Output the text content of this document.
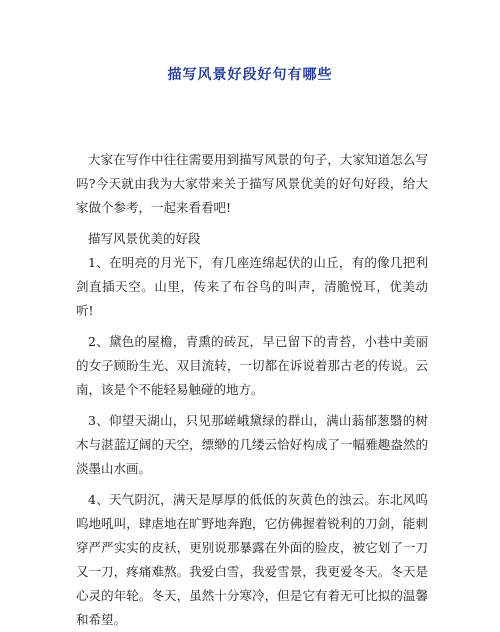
描写风景好段好句有哪些

大家在写作中往往需要用到描写风景的句子，大家知道怎么写吗?今天就由我为大家带来关于描写风景优美的好句好段，给大家做个参考，一起来看看吧!

描写风景优美的好段

1、在明亮的月光下，有几座连绵起伏的山丘，有的像几把利剑直插天空。山里，传来了布谷鸟的叫声，清脆悦耳，优美动听!

2、黛色的屋檐，青熏的砖瓦，早已留下的青苔，小巷中美丽的女子顾盼生光、双目流转，一切都在诉说着那古老的传说。云南，该是个不能轻易触碰的地方。

3、仰望天湖山，只见那嵯峨黛绿的群山，满山蓊郁葱翳的树木与湛蓝辽阔的天空，缥缈的几缕云恰好构成了一幅雅趣盎然的淡墨山水画。

4、天气阴沉，满天是厚厚的低低的灰黄色的浊云。东北风呜呜地吼叫，肆虐地在旷野地奔跑，它仿佛握着锐利的刀剑，能刺穿严严实实的皮袄，更别说那暴露在外面的脸皮，被它划了一刀又一刀，疼痛难熬。我爱白雪，我爱雪景，我更爱冬天。冬天是心灵的年轮。冬天，虽然十分寒冷，但是它有着无可比拟的温馨和希望。
